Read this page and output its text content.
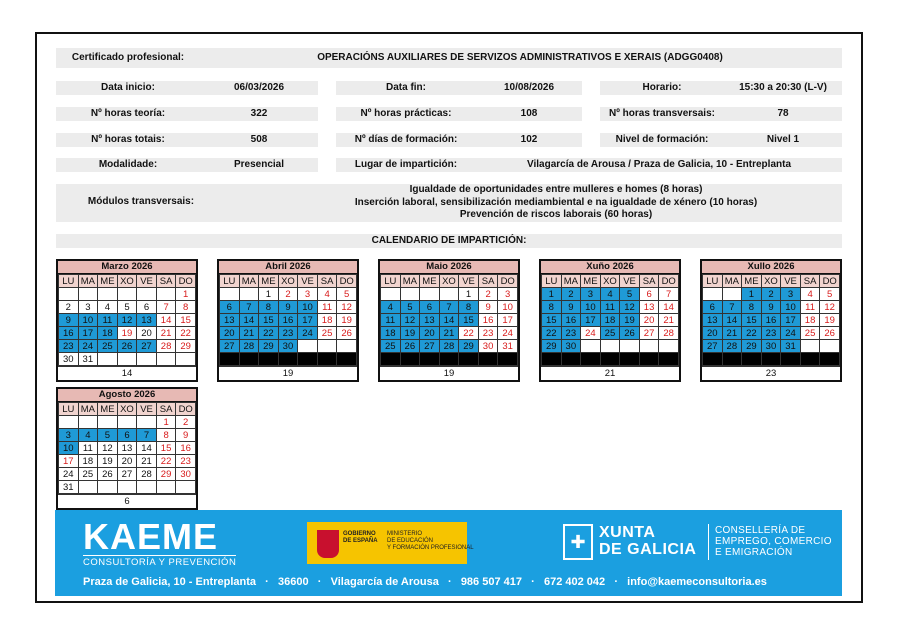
Certificado profesional:	OPERACIÓNS AUXILIARES DE SERVIZOS ADMINISTRATIVOS E XERAIS (ADGG0408)
Data inicio:	06/03/2026	Data fin:	10/08/2026	Horario:	15:30 a 20:30 (L-V)
Nº horas teoría:	322	Nº horas prácticas:	108	Nº horas transversais:	78
Nº horas totais:	508	Nº días de formación:	102	Nivel de formación:	Nivel 1
Modalidade:	Presencial	Lugar de impartición:	Vilagarcía de Arousa / Praza de Galicia, 10 - Entreplanta
Módulos transversais:
Igualdade de oportunidades entre mulleres e homes (8 horas)
Inserción laboral, sensibilización mediambiental e na igualdade de xénero (10 horas)
Prevención de riscos laborais (60 horas)
CALENDARIO DE IMPARTICIÓN:
Marzo 2026
LU	MA	ME	XO	VE	SA	DO
						1
2	3	4	5	6	7	8
9	10	11	12	13	14	15
16	17	18	19	20	21	22
23	24	25	26	27	28	29
30	31					
14
Abril 2026
LU	MA	ME	XO	VE	SA	DO
		1	2	3	4	5
6	7	8	9	10	11	12
13	14	15	16	17	18	19
20	21	22	23	24	25	26
27	28	29	30			

19
Maio 2026
LU	MA	ME	XO	VE	SA	DO
				1	2	3
4	5	6	7	8	9	10
11	12	13	14	15	16	17
18	19	20	21	22	23	24
25	26	27	28	29	30	31

19
Xuño 2026
LU	MA	ME	XO	VE	SA	DO
1	2	3	4	5	6	7
8	9	10	11	12	13	14
15	16	17	18	19	20	21
22	23	24	25	26	27	28
29	30					

21
Xullo 2026
LU	MA	ME	XO	VE	SA	DO
		1	2	3	4	5
6	7	8	9	10	11	12
13	14	15	16	17	18	19
20	21	22	23	24	25	26
27	28	29	30	31		

23
Agosto 2026
LU	MA	ME	XO	VE	SA	DO
					1	2
3	4	5	6	7	8	9
10	11	12	13	14	15	16
17	18	19	20	21	22	23
24	25	26	27	28	29	30
31						
6
KAEME
CONSULTORÍA Y PREVENCIÓN
GOBIERNO
DE ESPAÑA
MINISTERIO
DE EDUCACIÓN
Y FORMACIÓN PROFESIONAL	✚ XUNTA
DE GALICIA
CONSELLERÍA DE
EMPREGO, COMERCIO
E EMIGRACIÓN
Praza de Galicia, 10 - Entreplanta   ·   36600   ·   Vilagarcía de Arousa   ·   986 507 417   ·   672 402 042   ·   info@kaemeconsultoria.es
